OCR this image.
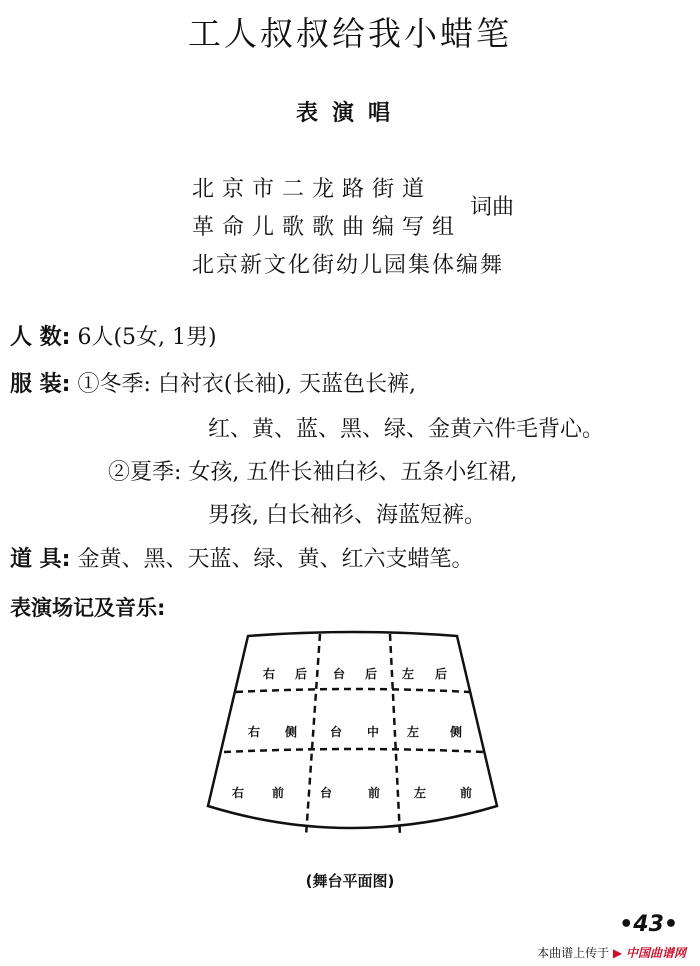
工人叔叔给我小蜡笔
表演唱
北京市二龙路街道
革命儿歌歌曲编写组
词曲
北京新文化街幼儿园集体编舞
人 数: 6人(5女, 1男)
服 装: ①冬季: 白衬衣(长袖), 天蓝色长裤,
红、黄、蓝、黑、绿、金黄六件毛背心。
②夏季: 女孩, 五件长袖白衫、五条小红裙,
男孩, 白长袖衫、海蓝短裤。
道 具: 金黄、黑、天蓝、绿、黄、红六支蜡笔。
表演场记及音乐:
右 后 台 后 左 后
右 侧	台 中 左	侧
右 前	台	前	左	前
(舞台平面图)
•43•
本曲谱上传于 ▶ 中国曲谱网
